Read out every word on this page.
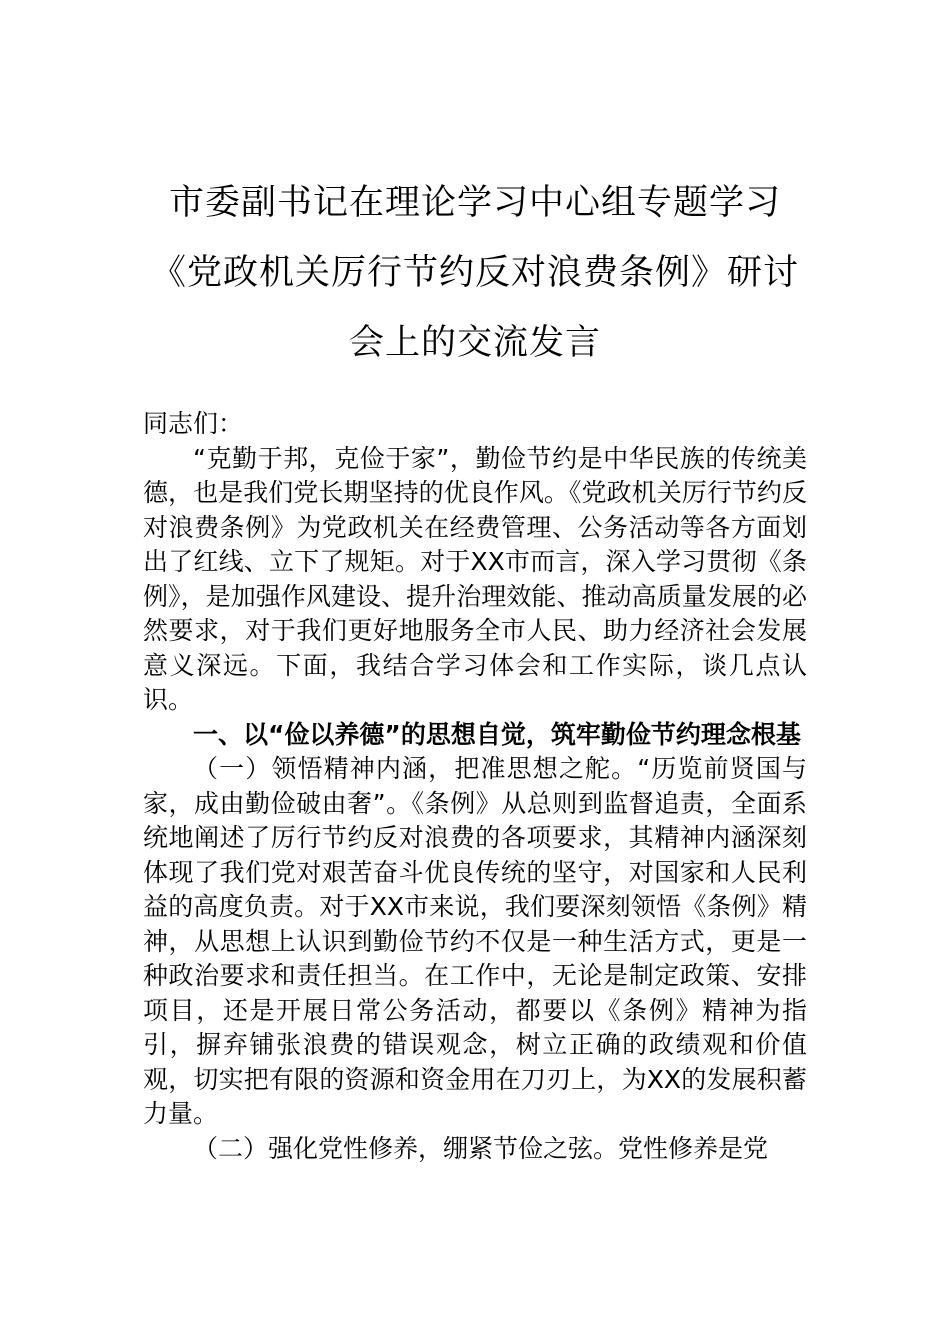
市委副书记在理论学习中心组专题学习
《党政机关厉行节约反对浪费条例》研讨
会上的交流发言

同志们：

“克勤于邦，克俭于家”，勤俭节约是中华民族的传统美德，也是我们党长期坚持的优良作风。《党政机关厉行节约反对浪费条例》为党政机关在经费管理、公务活动等各方面划出了红线、立下了规矩。对于XX市而言，深入学习贯彻《条例》，是加强作风建设、提升治理效能、推动高质量发展的必然要求，对于我们更好地服务全市人民、助力经济社会发展意义深远。下面，我结合学习体会和工作实际，谈几点认识。

一、以“俭以养德”的思想自觉，筑牢勤俭节约理念根基

（一）领悟精神内涵，把准思想之舵。“历览前贤国与家，成由勤俭破由奢”。《条例》从总则到监督追责，全面系统地阐述了厉行节约反对浪费的各项要求，其精神内涵深刻体现了我们党对艰苦奋斗优良传统的坚守，对国家和人民利益的高度负责。对于XX市来说，我们要深刻领悟《条例》精神，从思想上认识到勤俭节约不仅是一种生活方式，更是一种政治要求和责任担当。在工作中，无论是制定政策、安排项目，还是开展日常公务活动，都要以《条例》精神为指引，摒弃铺张浪费的错误观念，树立正确的政绩观和价值观，切实把有限的资源和资金用在刀刃上，为XX的发展积蓄力量。

（二）强化党性修养，绷紧节俭之弦。党性修养是党
